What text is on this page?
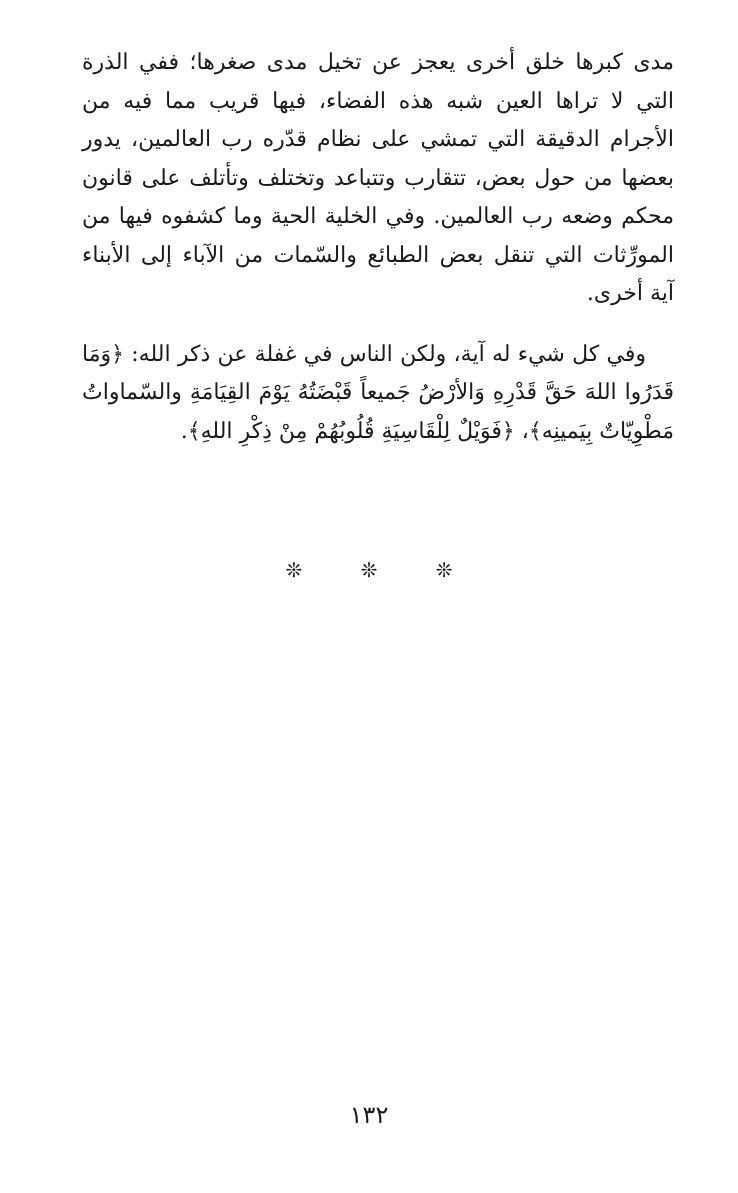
مدى كبرها خلق أخرى يعجز عن تخيل مدى صغرها؛ ففي الذرة التي لا تراها العين شبه هذه الفضاء، فيها قريب مما فيه من الأجرام الدقيقة التي تمشي على نظام قدّره رب العالمين، يدور بعضها من حول بعض، تتقارب وتتباعد وتختلف وتأتلف على قانون محكم وضعه رب العالمين. وفي الخلية الحية وما كشفوه فيها من المورِّثات التي تنقل بعض الطبائع والسّمات من الآباء إلى الأبناء آية أخرى.

وفي كل شيء له آية، ولكن الناس في غفلة عن ذكر الله: ﴿وَمَا قَدَرُوا اللهَ حَقَّ قَدْرِهِ وَالأرْضُ جَميعاً قَبْضَتُهُ يَوْمَ القِيَامَةِ والسّماواتُ مَطْوِيّاتٌ بِيَمينِه﴾، ﴿فَوَيْلٌ لِلْقَاسِيَةِ قُلُوبُهُمْ مِنْ ذِكْرِ اللهِ﴾.

❊ ❊ ❊
١٣٢
